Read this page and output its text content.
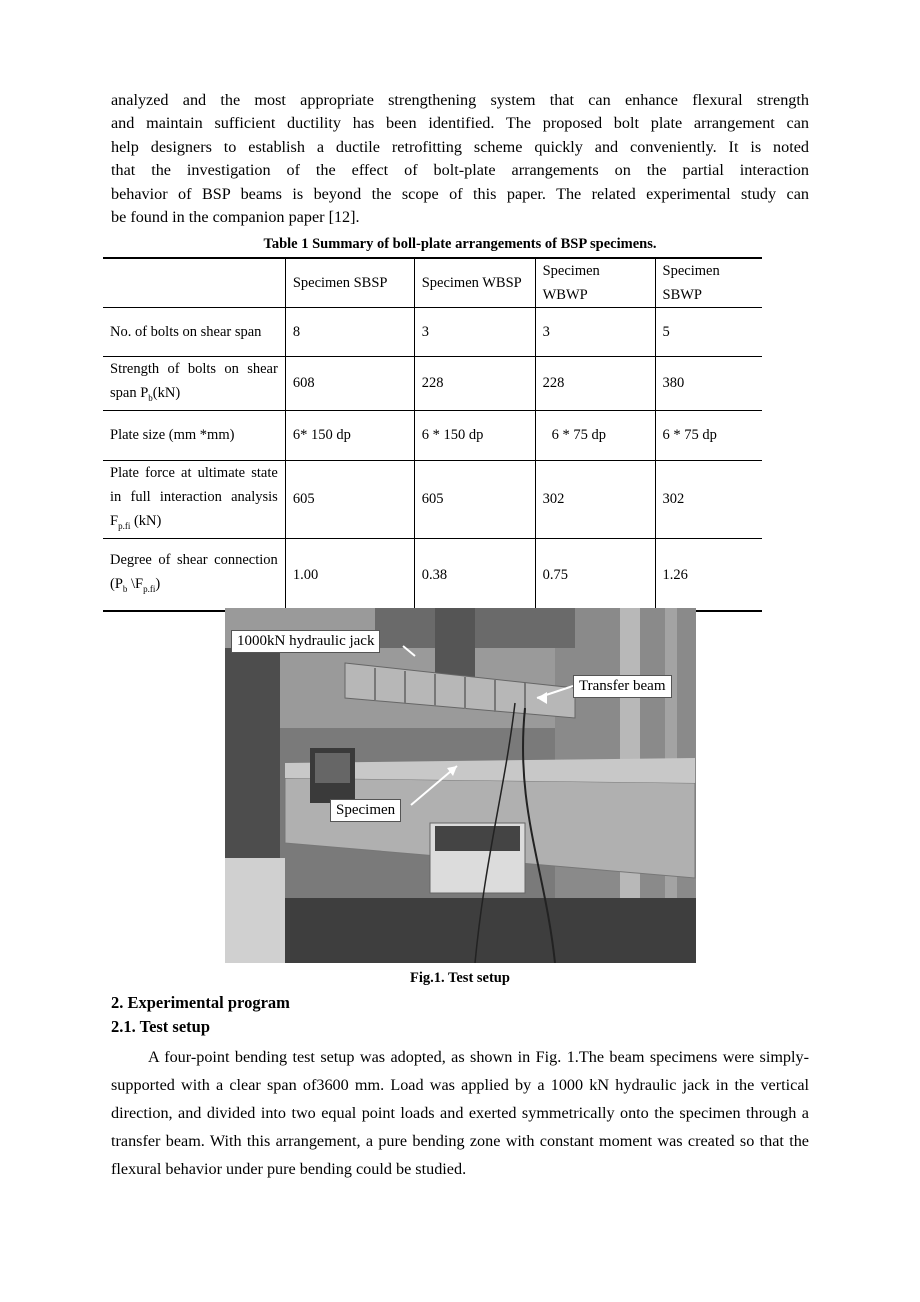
analyzed and the most appropriate strengthening system that can enhance flexural strength

and maintain sufficient ductility has been identified. The proposed bolt plate arrangement can

help designers to establish a ductile retrofitting scheme quickly and conveniently. It is noted

that the investigation of the effect of bolt-plate arrangements on the partial interaction

behavior of BSP beams is beyond the scope of this paper. The related experimental study can

be found in the companion paper [12].

Table 1 Summary of boll-plate arrangements of BSP specimens.

	Specimen SBSP	Specimen WBSP	Specimen WBWP	Specimen SBWP
No. of bolts on shear span	8	3	3	5
Strength of bolts on shear span $P_b(kN)$	608	228	228	380
Plate size (mm *mm)	6* 150 dp	6 * 150 dp	6 * 75 dp	6 * 75 dp
Plate force at ultimate state in full interaction analysis $F_{p.fi}$ (kN)	605	605	302	302
Degree of shear connection ($P_b$ $\backslash F_{p.fi}$)	1.00	0.38	0.75	1.26
1000kN hydraulic jack
Transfer beam
Specimen

Fig.1. Test setup

2. Experimental program

2.1. Test setup

A four-point bending test setup was adopted, as shown in Fig. 1.The beam specimens were simply-supported with a clear span of3600 mm. Load was applied by a 1000 kN hydraulic jack in the vertical direction, and divided into two equal point loads and exerted symmetrically onto the specimen through a transfer beam. With this arrangement, a pure bending zone with constant moment was created so that the flexural behavior under pure bending could be studied.
